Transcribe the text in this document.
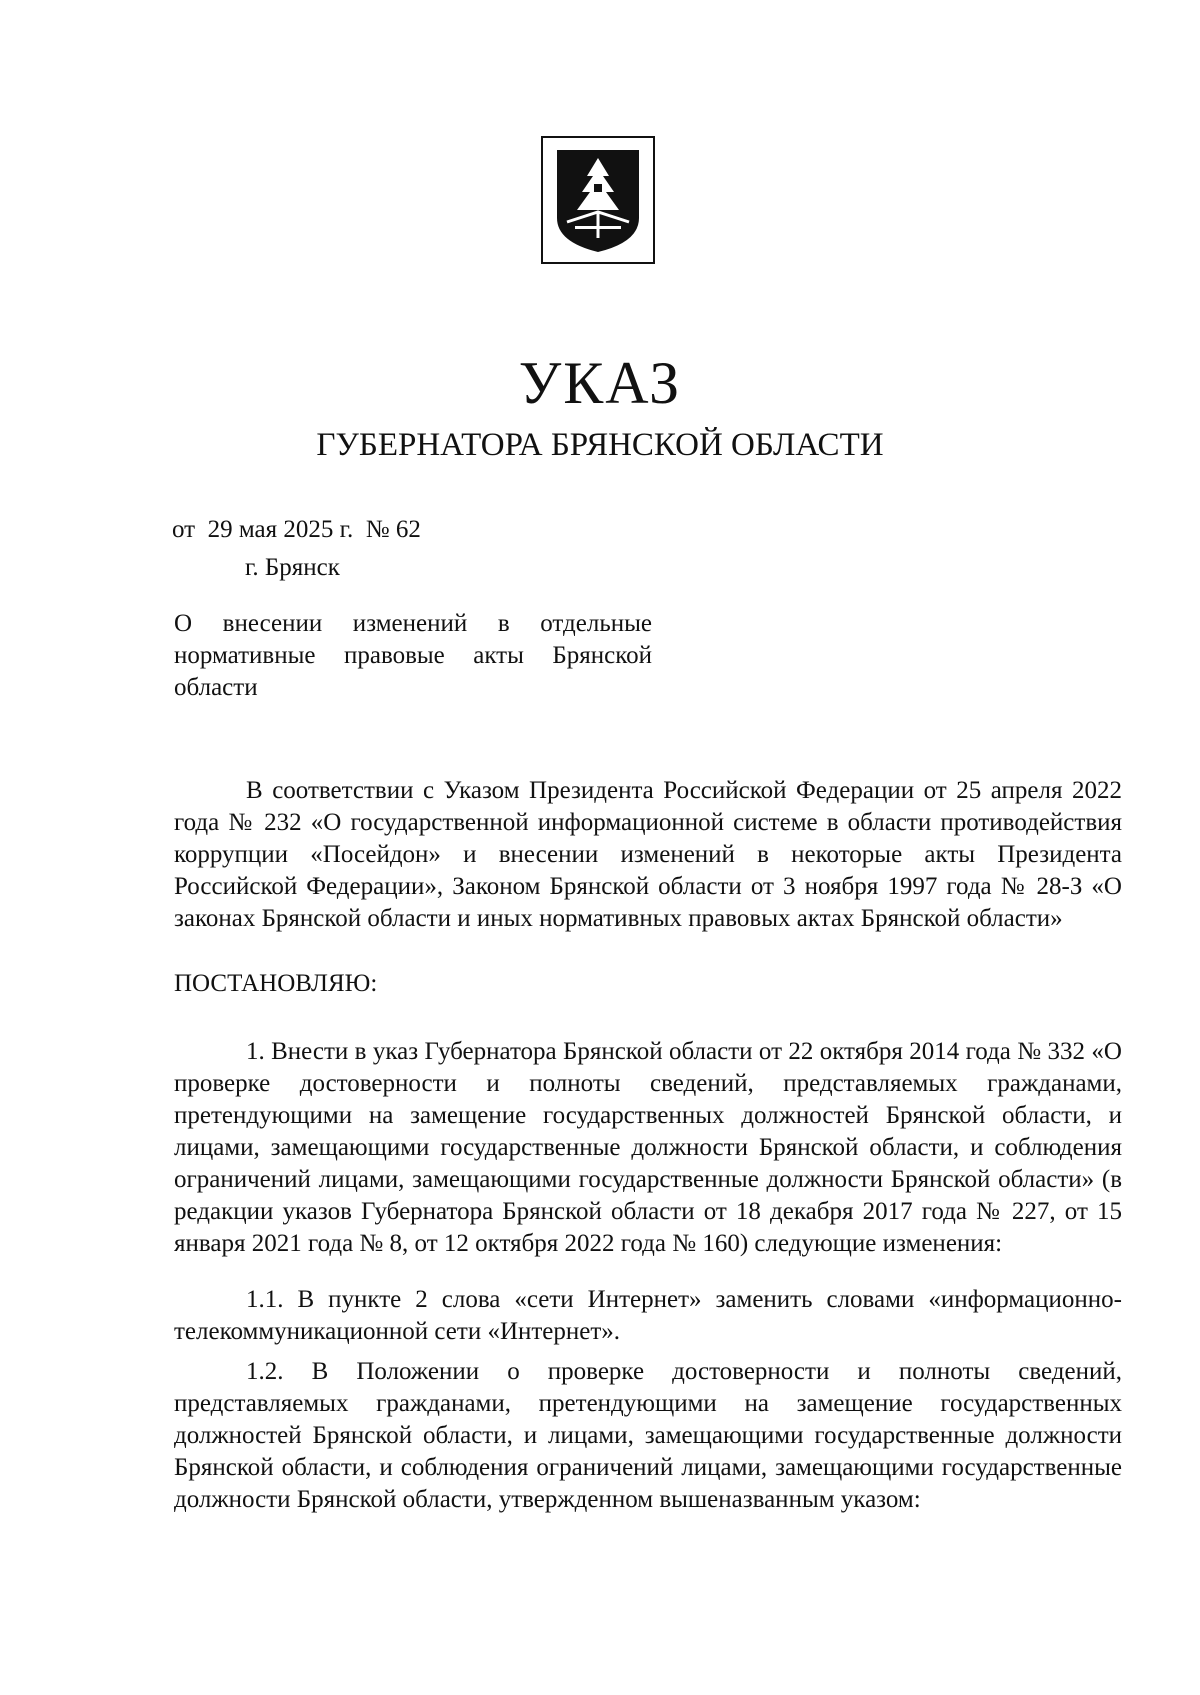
УКАЗ
ГУБЕРНАТОРА БРЯНСКОЙ ОБЛАСТИ
от 29 мая 2025 г. № 62
г. Брянск

О внесении изменений в отдельные нормативные правовые акты Брянской области

В соответствии с Указом Президента Российской Федерации от 25 апреля 2022 года № 232 «О государственной информационной системе в области противодействия коррупции «Посейдон» и внесении изменений в некоторые акты Президента Российской Федерации», Законом Брянской области от 3 ноября 1997 года № 28-З «О законах Брянской области и иных нормативных правовых актах Брянской области»

ПОСТАНОВЛЯЮ:

1. Внести в указ Губернатора Брянской области от 22 октября 2014 года № 332 «О проверке достоверности и полноты сведений, представляемых гражданами, претендующими на замещение государственных должностей Брянской области, и лицами, замещающими государственные должности Брянской области, и соблюдения ограничений лицами, замещающими государственные должности Брянской области» (в редакции указов Губернатора Брянской области от 18 декабря 2017 года № 227, от 15 января 2021 года № 8, от 12 октября 2022 года № 160) следующие изменения:

1.1. В пункте 2 слова «сети Интернет» заменить словами «информационно-телекоммуникационной сети «Интернет».

1.2. В Положении о проверке достоверности и полноты сведений, представляемых гражданами, претендующими на замещение государственных должностей Брянской области, и лицами, замещающими государственные должности Брянской области, и соблюдения ограничений лицами, замещающими государственные должности Брянской области, утвержденном вышеназванным указом:
